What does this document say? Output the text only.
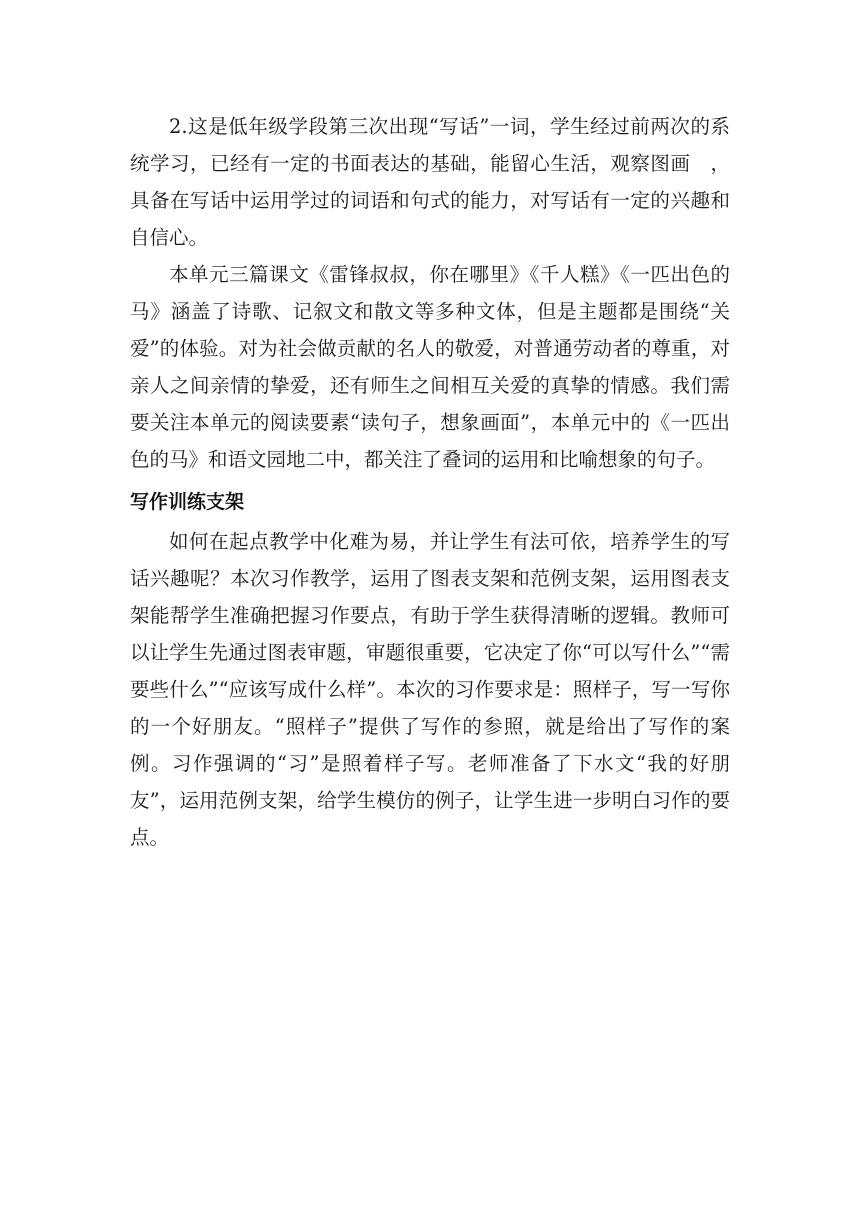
2.这是低年级学段第三次出现“写话”一词，学生经过前两次的系统学习，已经有一定的书面表达的基础，能留心生活，观察图画　，具备在写话中运用学过的词语和句式的能力，对写话有一定的兴趣和自信心。

本单元三篇课文《雷锋叔叔，你在哪里》《千人糕》《一匹出色的马》涵盖了诗歌、记叙文和散文等多种文体，但是主题都是围绕“关爱”的体验。对为社会做贡献的名人的敬爱，对普通劳动者的尊重，对亲人之间亲情的挚爱，还有师生之间相互关爱的真挚的情感。我们需要关注本单元的阅读要素“读句子，想象画面”，本单元中的《一匹出色的马》和语文园地二中，都关注了叠词的运用和比喻想象的句子。

写作训练支架

如何在起点教学中化难为易，并让学生有法可依，培养学生的写话兴趣呢？本次习作教学，运用了图表支架和范例支架，运用图表支架能帮学生准确把握习作要点，有助于学生获得清晰的逻辑。教师可以让学生先通过图表审题，审题很重要，它决定了你“可以写什么”“需要些什么”“应该写成什么样”。本次的习作要求是：照样子，写一写你的一个好朋友。“照样子”提供了写作的参照，就是给出了写作的案例。习作强调的“习”是照着样子写。老师准备了下水文“我的好朋友”，运用范例支架，给学生模仿的例子，让学生进一步明白习作的要点。
